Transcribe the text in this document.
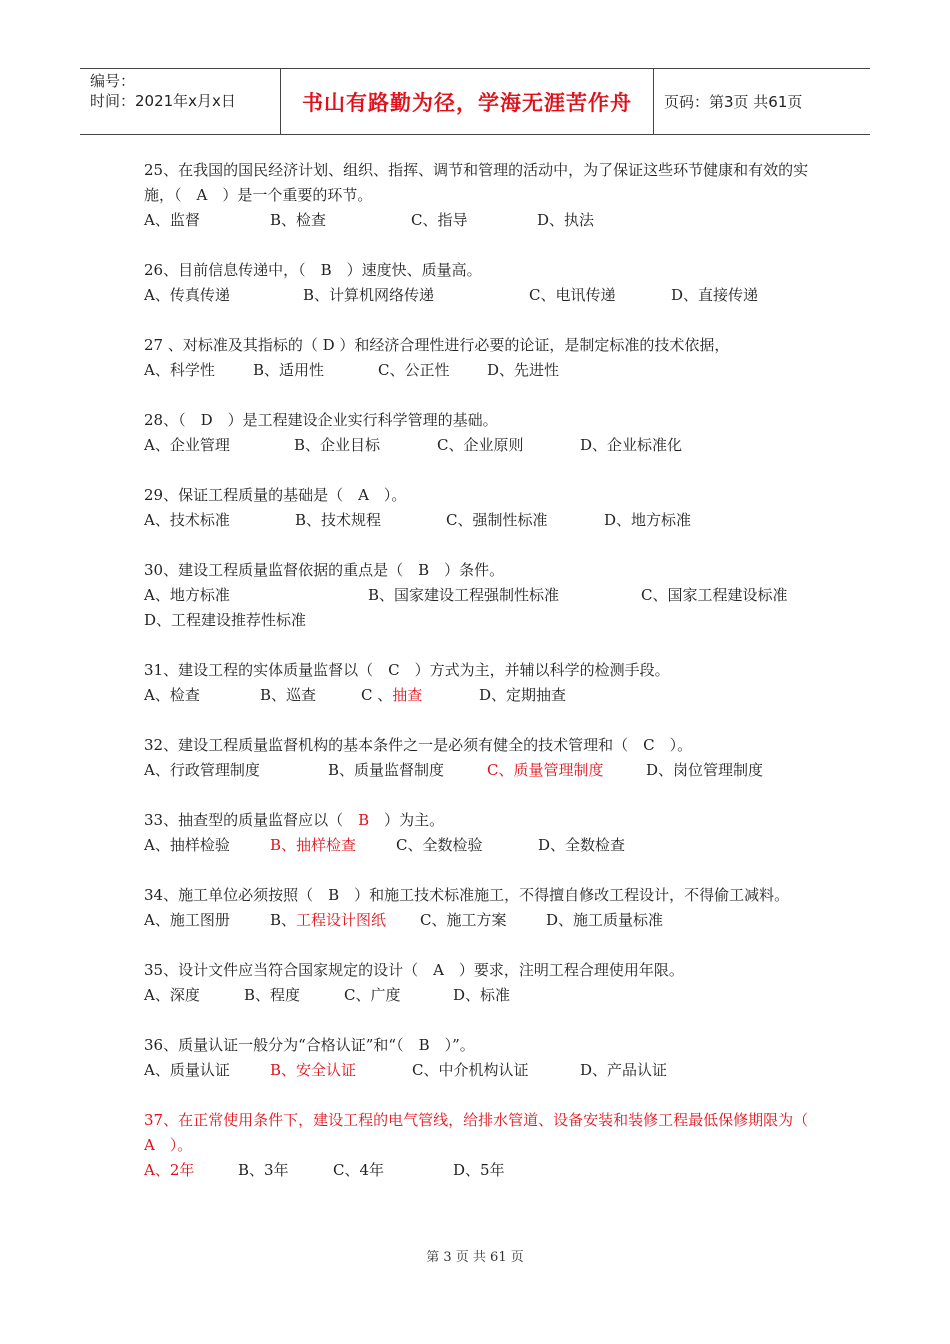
编号：
时间：2021年x月x日	书山有路勤为径，学海无涯苦作舟	页码：第3页 共61页
25、在我国的国民经济计划、组织、指挥、调节和管理的活动中，为了保证这些环节健康和有效的实施，（　A　）是一个重要的环节。
A、监督	B、检查	C、指导	D、执法
26、目前信息传递中，（　B　）速度快、质量高。
A、传真传递	B、计算机网络传递	C、电讯传递	D、直接传递
27 、对标准及其指标的（ D ）和经济合理性进行必要的论证，是制定标准的技术依据，
A、科学性	B、适用性	C、公正性	D、先进性
28、（　D　）是工程建设企业实行科学管理的基础。
A、企业管理	B、企业目标	C、企业原则	D、企业标准化
29、保证工程质量的基础是（　A　）。
A、技术标准	B、技术规程	C、强制性标准	D、地方标准
30、建设工程质量监督依据的重点是（　B　）条件。
A、地方标准	B、国家建设工程强制性标准	C、国家工程建设标准
D、工程建设推荐性标准
31、建设工程的实体质量监督以（　C　）方式为主，并辅以科学的检测手段。
A、检查	B、巡查	C 、抽查	D、定期抽查
32、建设工程质量监督机构的基本条件之一是必须有健全的技术管理和（　C　）。
A、行政管理制度	B、质量监督制度	C、质量管理制度	D、岗位管理制度
33、抽查型的质量监督应以（　B　）为主。
A、抽样检验	B、抽样检查	C、全数检验	D、全数检查
34、施工单位必须按照（　B　）和施工技术标准施工，不得擅自修改工程设计，不得偷工减料。
A、施工图册	B、工程设计图纸	C、施工方案	D、施工质量标准
35、设计文件应当符合国家规定的设计（　A　）要求，注明工程合理使用年限。
A、深度	B、程度	C、广度	D、标准
36、质量认证一般分为“合格认证”和“（　B　）”。
A、质量认证	B、安全认证	C、中介机构认证	D、产品认证
37、在正常使用条件下，建设工程的电气管线，给排水管道、设备安装和装修工程最低保修期限为（　A　）。
A、2年	B、3年	C、4年	D、5年
第 3 页 共 61 页
